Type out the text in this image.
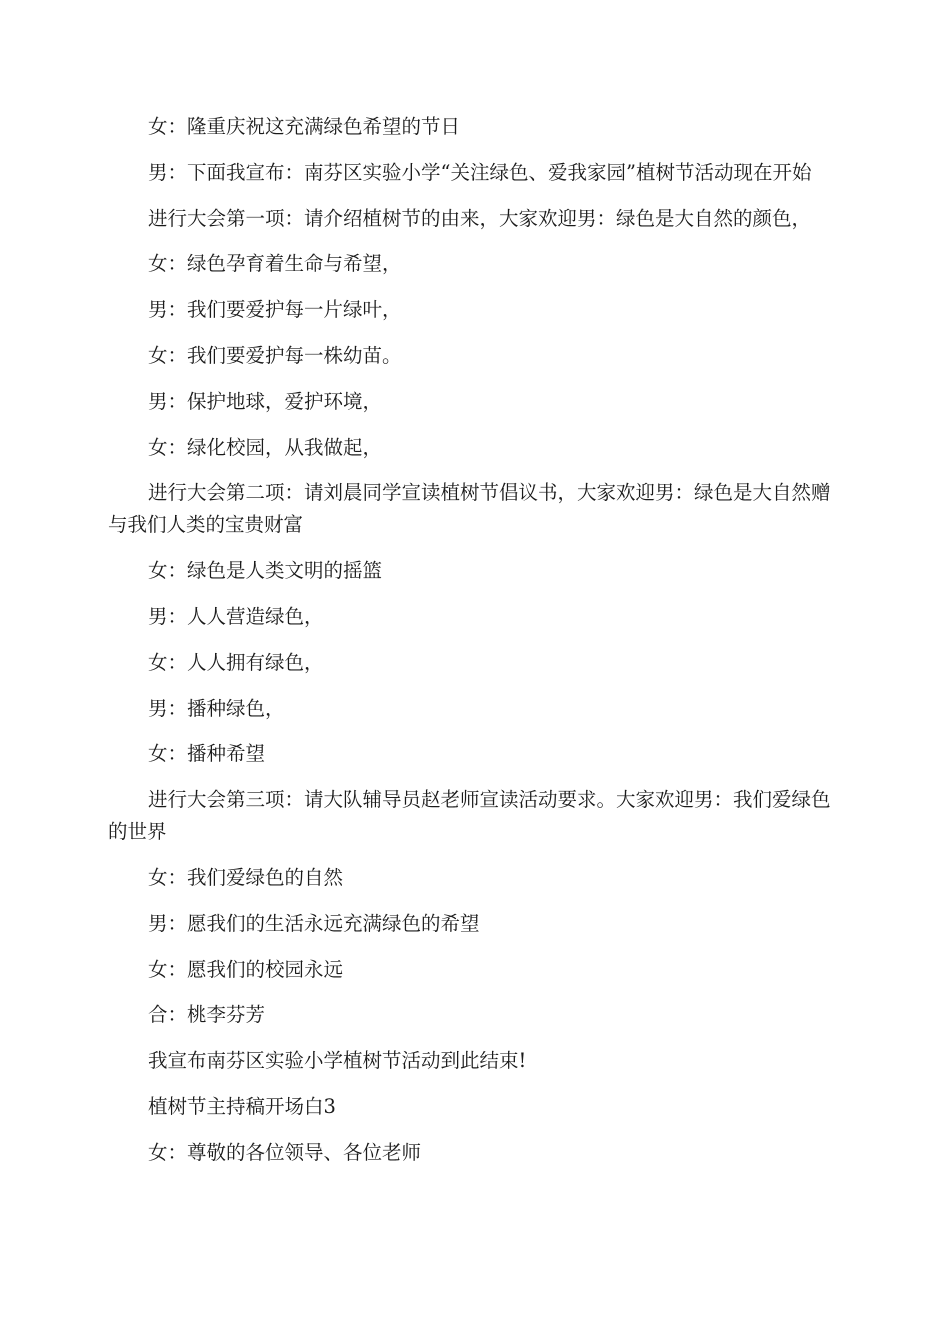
女：隆重庆祝这充满绿色希望的节日

男：下面我宣布：南芬区实验小学“关注绿色、爱我家园”植树节活动现在开始

进行大会第一项：请介绍植树节的由来，大家欢迎男：绿色是大自然的颜色，

女：绿色孕育着生命与希望，

男：我们要爱护每一片绿叶，

女：我们要爱护每一株幼苗。

男：保护地球，爱护环境，

女：绿化校园，从我做起，

进行大会第二项：请刘晨同学宣读植树节倡议书，大家欢迎男：绿色是大自然赠与我们人类的宝贵财富

女：绿色是人类文明的摇篮

男：人人营造绿色，

女：人人拥有绿色，

男：播种绿色，

女：播种希望

进行大会第三项：请大队辅导员赵老师宣读活动要求。大家欢迎男：我们爱绿色的世界

女：我们爱绿色的自然

男：愿我们的生活永远充满绿色的希望

女：愿我们的校园永远

合：桃李芬芳

我宣布南芬区实验小学植树节活动到此结束!

植树节主持稿开场白3

女：尊敬的各位领导、各位老师
